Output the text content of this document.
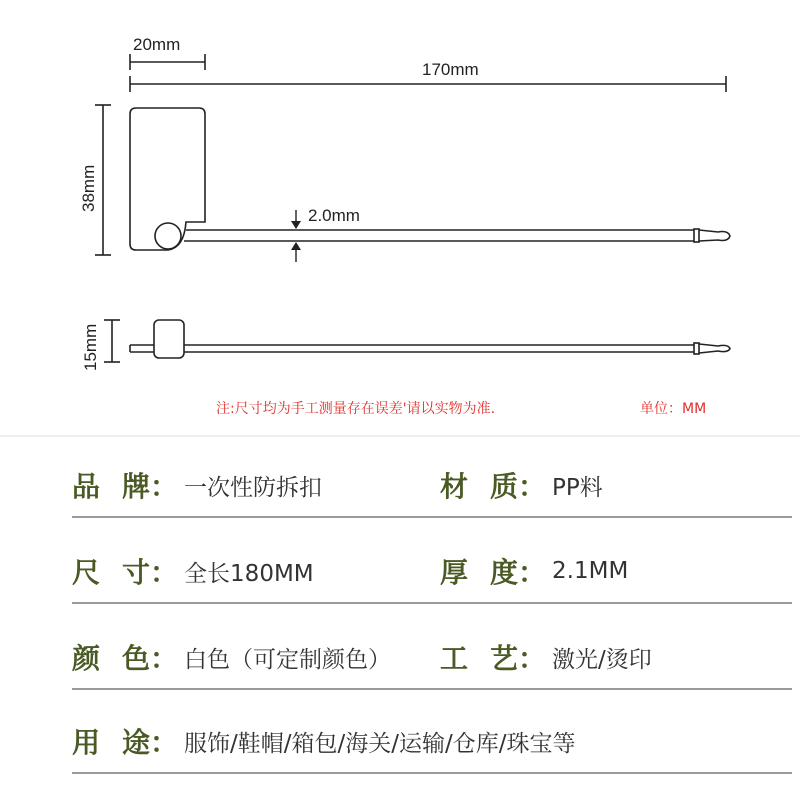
20mm
170mm
38mm
2.0mm
15mm
注:尺寸均为手工测量存在误差'请以实物为准.	单位：MM
品 牌 ： 一次性防拆扣	材 质 ： PP料
尺 寸 ： 全长180MM	厚 度 ： 2.1MM
颜 色 ： 白色（可定制颜色） 工 艺 ： 激光/烫印
用 途 ： 服饰/鞋帽/箱包/海关/运输/仓库/珠宝等
